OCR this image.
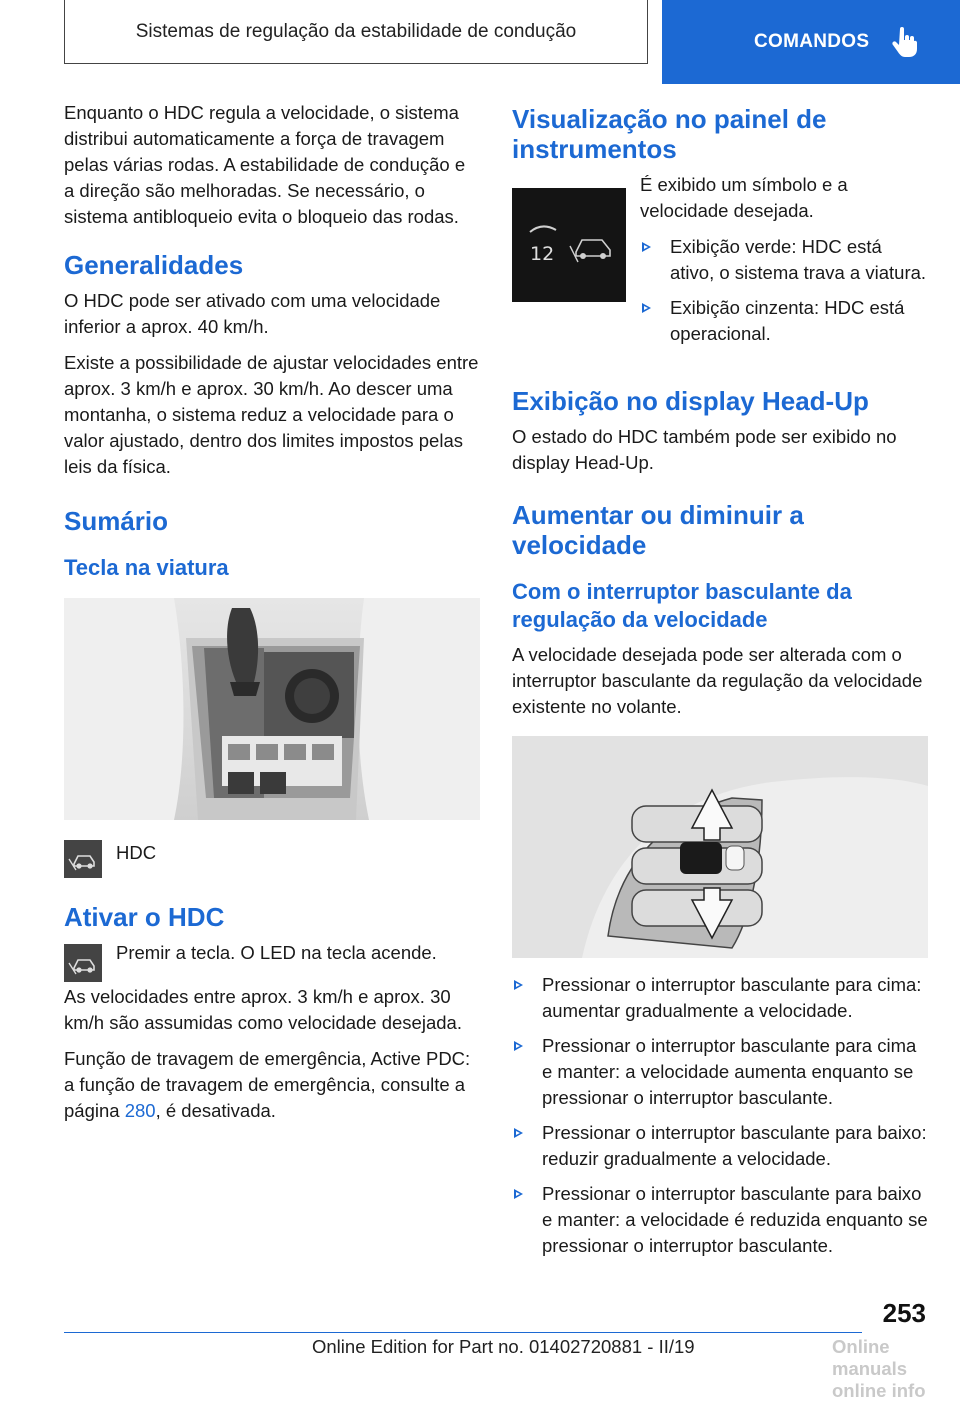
Sistemas de regulação da estabilidade de condução	COMANDOS

Enquanto o HDC regula a velocidade, o sistema distribui automaticamente a força de travagem pelas várias rodas. A estabilidade de condução e a direção são melhoradas. Se necessário, o sistema antibloqueio evita o bloqueio das rodas.

Generalidades

O HDC pode ser ativado com uma velocidade inferior a aprox. 40 km/h.

Existe a possibilidade de ajustar velocidades entre aprox. 3 km/h e aprox. 30 km/h. Ao descer uma montanha, o sistema reduz a velocidade para o valor ajustado, dentro dos limites impostos pelas leis da física.

Sumário
Tecla na viatura

HDC

Ativar o HDC

Premir a tecla. O LED na tecla acende.

As velocidades entre aprox. 3 km/h e aprox. 30 km/h são assumidas como velocidade desejada.

Função de travagem de emergência, Active PDC: a função de travagem de emergência, consulte a página 280, é desativada.

Visualização no painel de instrumentos
12

É exibido um símbolo e a velocidade desejada.

Exibição verde: HDC está ativo, o sistema trava a viatura.
Exibição cinzenta: HDC está operacional.
Exibição no display Head-Up

O estado do HDC também pode ser exibido no display Head-Up.

Aumentar ou diminuir a velocidade
Com o interruptor basculante da regulação da velocidade

A velocidade desejada pode ser alterada com o interruptor basculante da regulação da velocidade existente no volante.

Pressionar o interruptor basculante para cima: aumentar gradualmente a velocidade.
Pressionar o interruptor basculante para cima e manter: a velocidade aumenta enquanto se pressionar o interruptor basculante.
Pressionar o interruptor basculante para baixo: reduzir gradualmente a velocidade.
Pressionar o interruptor basculante para baixo e manter: a velocidade é reduzida enquanto se pressionar o interruptor basculante.
253
Online Edition for Part no. 01402720881 - II/19	Online manuals online info
